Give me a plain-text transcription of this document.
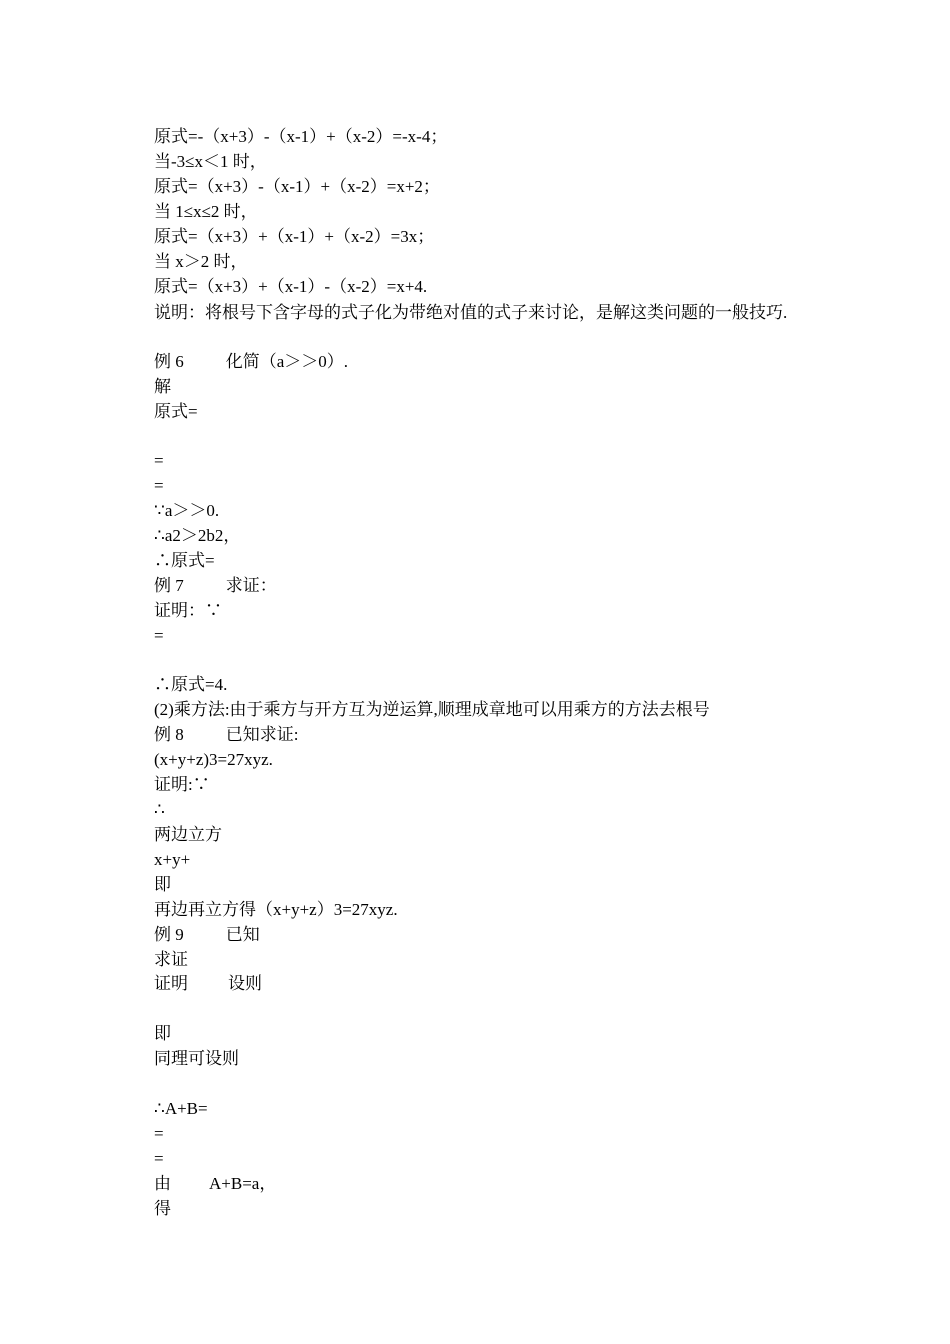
原式=-（x+3）-（x-1）+（x-2）=-x-4；
当-3≤x＜1 时，
原式=（x+3）-（x-1）+（x-2）=x+2；
当 1≤x≤2 时，
原式=（x+3）+（x-1）+（x-2）=3x；
当 x＞2 时，
原式=（x+3）+（x-1）-（x-2）=x+4.
说明：将根号下含字母的式子化为带绝对值的式子来讨论，是解这类问题的一般技巧.
例 6 化简（a＞＞0）.
解
原式=
=
=
∵a＞＞0.
∴a2＞2b2，
∴原式=
例 7 求证：
证明：∵
=
∴原式=4.
(2)乘方法:由于乘方与开方互为逆运算,顺理成章地可以用乘方的方法去根号
例 8 已知求证:
(x+y+z)3=27xyz.
证明:∵
∴
两边立方
x+y+
即
再边再立方得（x+y+z）3=27xyz.
例 9 已知
求证
证明 设则
即
同理可设则
∴A+B=
=
=
由 A+B=a，
得
